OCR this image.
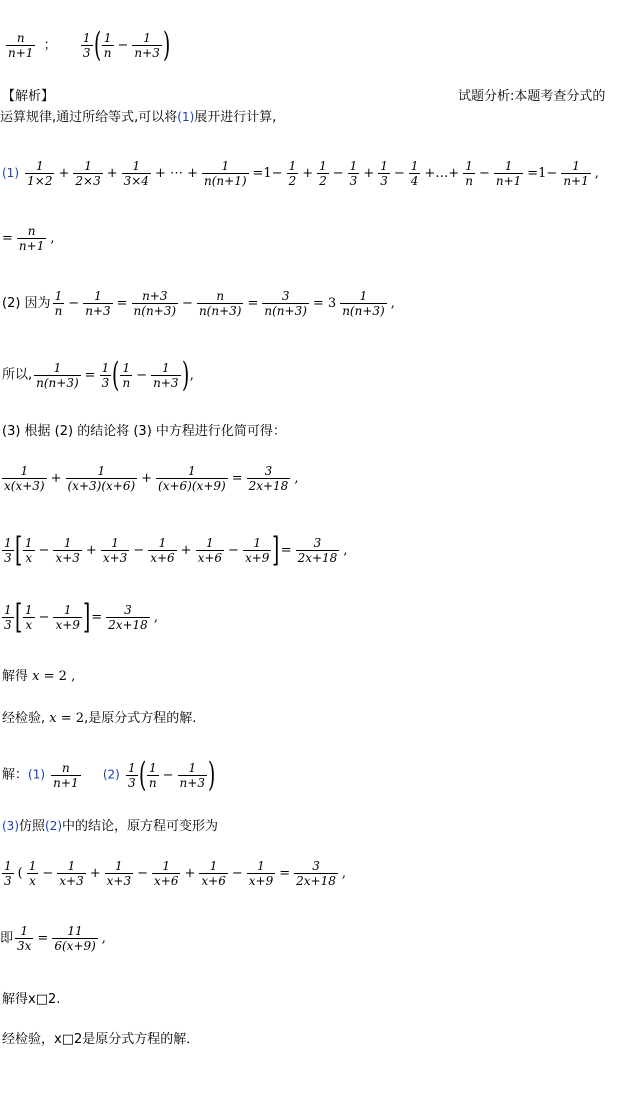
$\frac{n}{n+1}$ ； $\frac{1}{3}$ ( $\frac{1}{n} - \frac{1}{n+3}$ )
【解析】	试题分析:本题考查分式的
运算规律,通过所给等式,可以将(1)展开进行计算,
$(1) \frac{1}{1\times 2} + \frac{1}{2\times 3} + \frac{1}{3\times 4}$ + ⋯ + $\frac{1}{n(n+1)} =1- \frac{1}{2} + \frac{1}{2} - \frac{1}{3} + \frac{1}{3} - \frac{1}{4}$ +…+ $\frac{1}{n} - \frac{1}{n+1} =1- \frac{1}{n+1}$ ,
= $\frac{n}{n+1}$ ,
(2) 因为 $\frac{1}{n} - \frac{1}{n+3} = \frac{n+3}{n(n+3)} - \frac{n}{n(n+3)} = \frac{3}{n(n+3)} = 3 \frac{1}{n(n+3)}$ ,
所以, $\frac{1}{n(n+3)} = \frac{1}{3}$ ( $\frac{1}{n} - \frac{1}{n+3}$ ),
(3) 根据 (2) 的结论将 (3) 中方程进行化简可得：
$\frac{1}{x(x+3)} + \frac{1}{(x+3)(x+6)} + \frac{1}{(x+6)(x+9)} = \frac{3}{2x+18}$ ,
$\frac{1}{3}$ [ $\frac{1}{x} - \frac{1}{x+3} + \frac{1}{x+3} - \frac{1}{x+6} + \frac{1}{x+6} - \frac{1}{x+9}$ ]= $\frac{3}{2x+18}$ ,
$\frac{1}{3}$ [ $\frac{1}{x} - \frac{1}{x+9}$ ]= $\frac{3}{2x+18}$ ,
解得 x = 2 ,
经检验, x = 2,是原分式方程的解.
解：$(1) \frac{n}{n+1} (2) \frac{1}{3}$ ( $\frac{1}{n} - \frac{1}{n+3}$ )
(3)仿照(2)中的结论，原方程可变形为
$\frac{1}{3}$ ( $\frac{1}{x} - \frac{1}{x+3} + \frac{1}{x+3} - \frac{1}{x+6} + \frac{1}{x+6} - \frac{1}{x+9} = \frac{3}{2x+18}$ ,
即 $\frac{1}{3x} = \frac{11}{6(x+9)}$ ,
解得x□2.
经检验，x□2是原分式方程的解．
